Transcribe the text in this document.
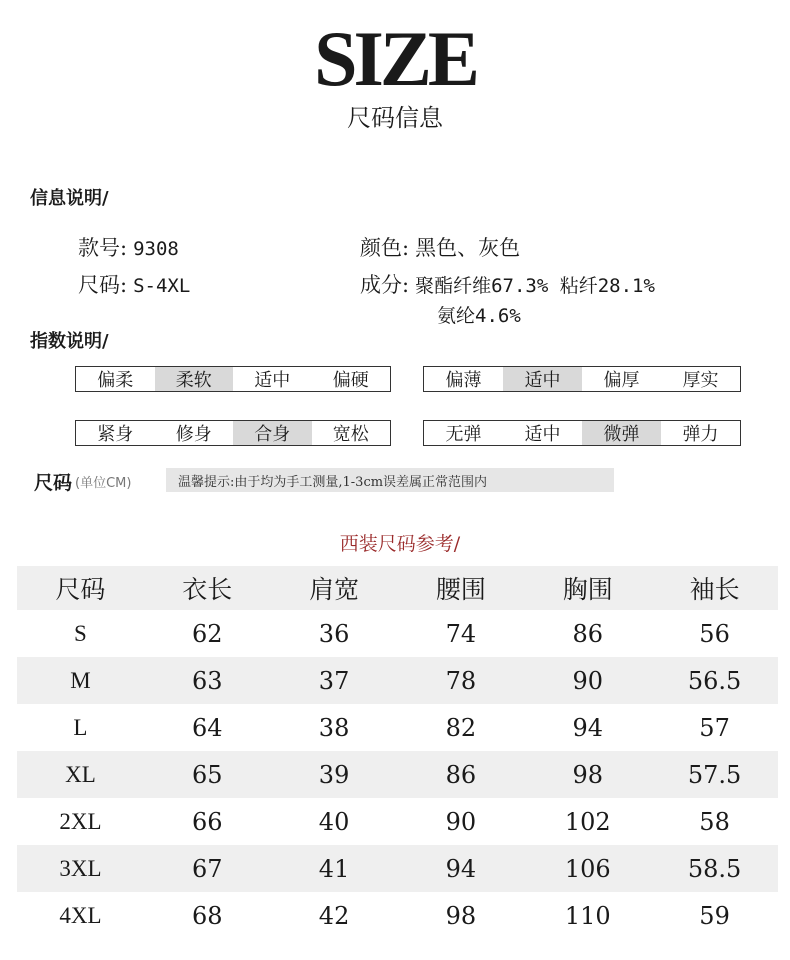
SIZE
尺码信息
信息说明/
款号: 9308
尺码: S-4XL
颜色: 黑色、灰色
成分: 聚酯纤维67.3% 粘纤28.1%
氨纶4.6%
指数说明/
偏柔	柔软	适中	偏硬	偏薄	适中	偏厚	厚实
紧身	修身	合身	宽松	无弹	适中	微弹	弹力
尺码 (单位CM)	温馨提示:由于均为手工测量,1-3cm误差属正常范围内
西装尺码参考/
尺码	衣长	肩宽	腰围	胸围	袖长
S	62	36	74	86	56
M	63	37	78	90	56.5
L	64	38	82	94	57
XL	65	39	86	98	57.5
2XL	66	40	90	102	58
3XL	67	41	94	106	58.5
4XL	68	42	98	110	59
